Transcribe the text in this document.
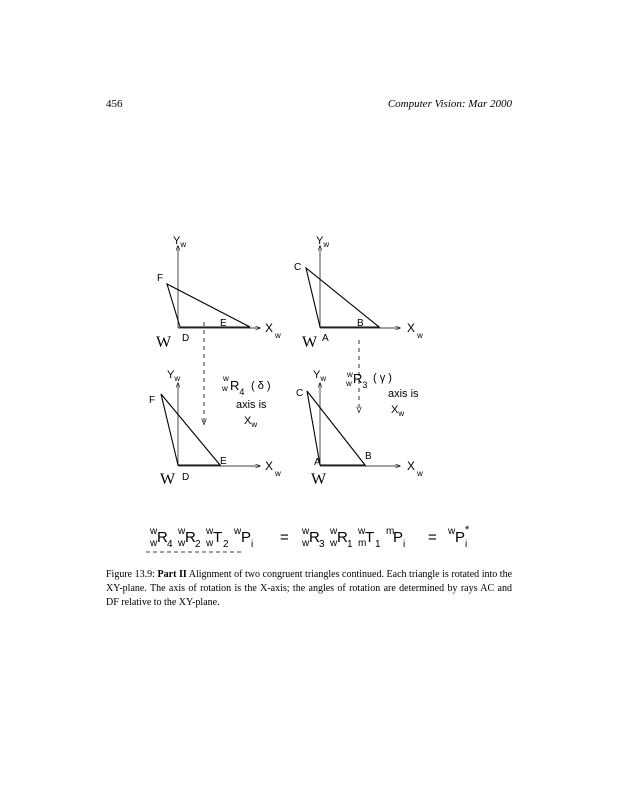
456	Computer Vision: Mar 2000
$Y_w$
$X_w$
W
F
D
E
$Y_w$
$X_w$
W
C
A
B
w
w $R_4$ ( δ )
axis is
$X_w$
w
w $R_3$
( γ )
axis is
$X_w$
$Y_w$
$X_w$
W
F
D
E
$Y_w$
$X_w$
W
C
A
B
w
w R 4
w
w R 2
w
w T 2
w P i = w
w R 3
w
w R 1
w
m
T 1
m
P i = w P *
i
Figure 13.9: Part II Alignment of two congruent triangles continued. Each triangle is rotated into the XY-plane. The axis of rotation is the X-axis; the angles of rotation are determined by rays AC and DF relative to the XY-plane.
